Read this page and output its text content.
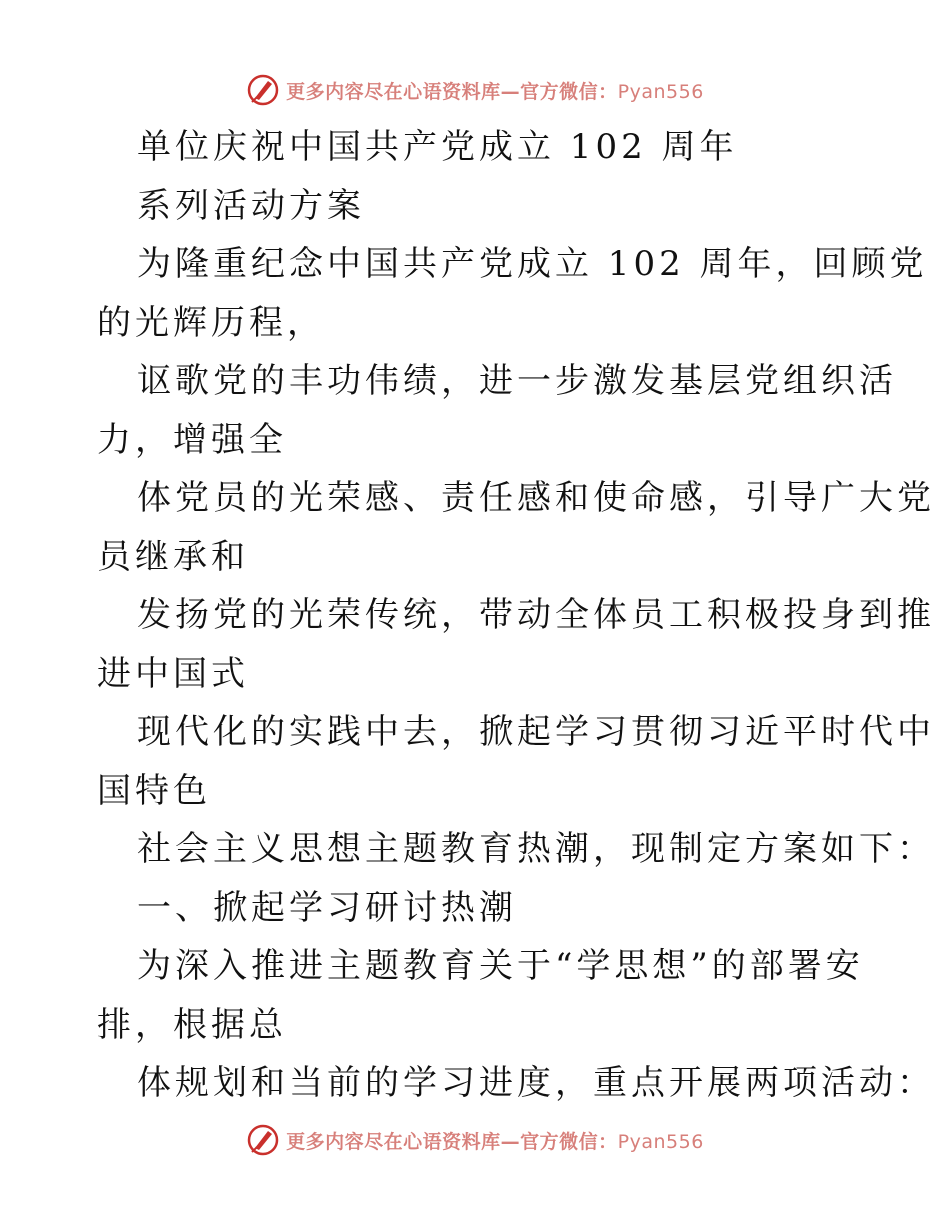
更多内容尽在心语资料库—官方微信：Pyan556
单位庆祝中国共产党成立 102 周年
系列活动方案
为隆重纪念中国共产党成立 102 周年，回顾党
的光辉历程，
讴歌党的丰功伟绩，进一步激发基层党组织活
力，增强全
体党员的光荣感、责任感和使命感，引导广大党
员继承和
发扬党的光荣传统，带动全体员工积极投身到推
进中国式
现代化的实践中去，掀起学习贯彻习近平时代中
国特色
社会主义思想主题教育热潮，现制定方案如下：
一、掀起学习研讨热潮
为深入推进主题教育关于“学思想”的部署安
排，根据总
体规划和当前的学习进度，重点开展两项活动：
更多内容尽在心语资料库—官方微信：Pyan556
